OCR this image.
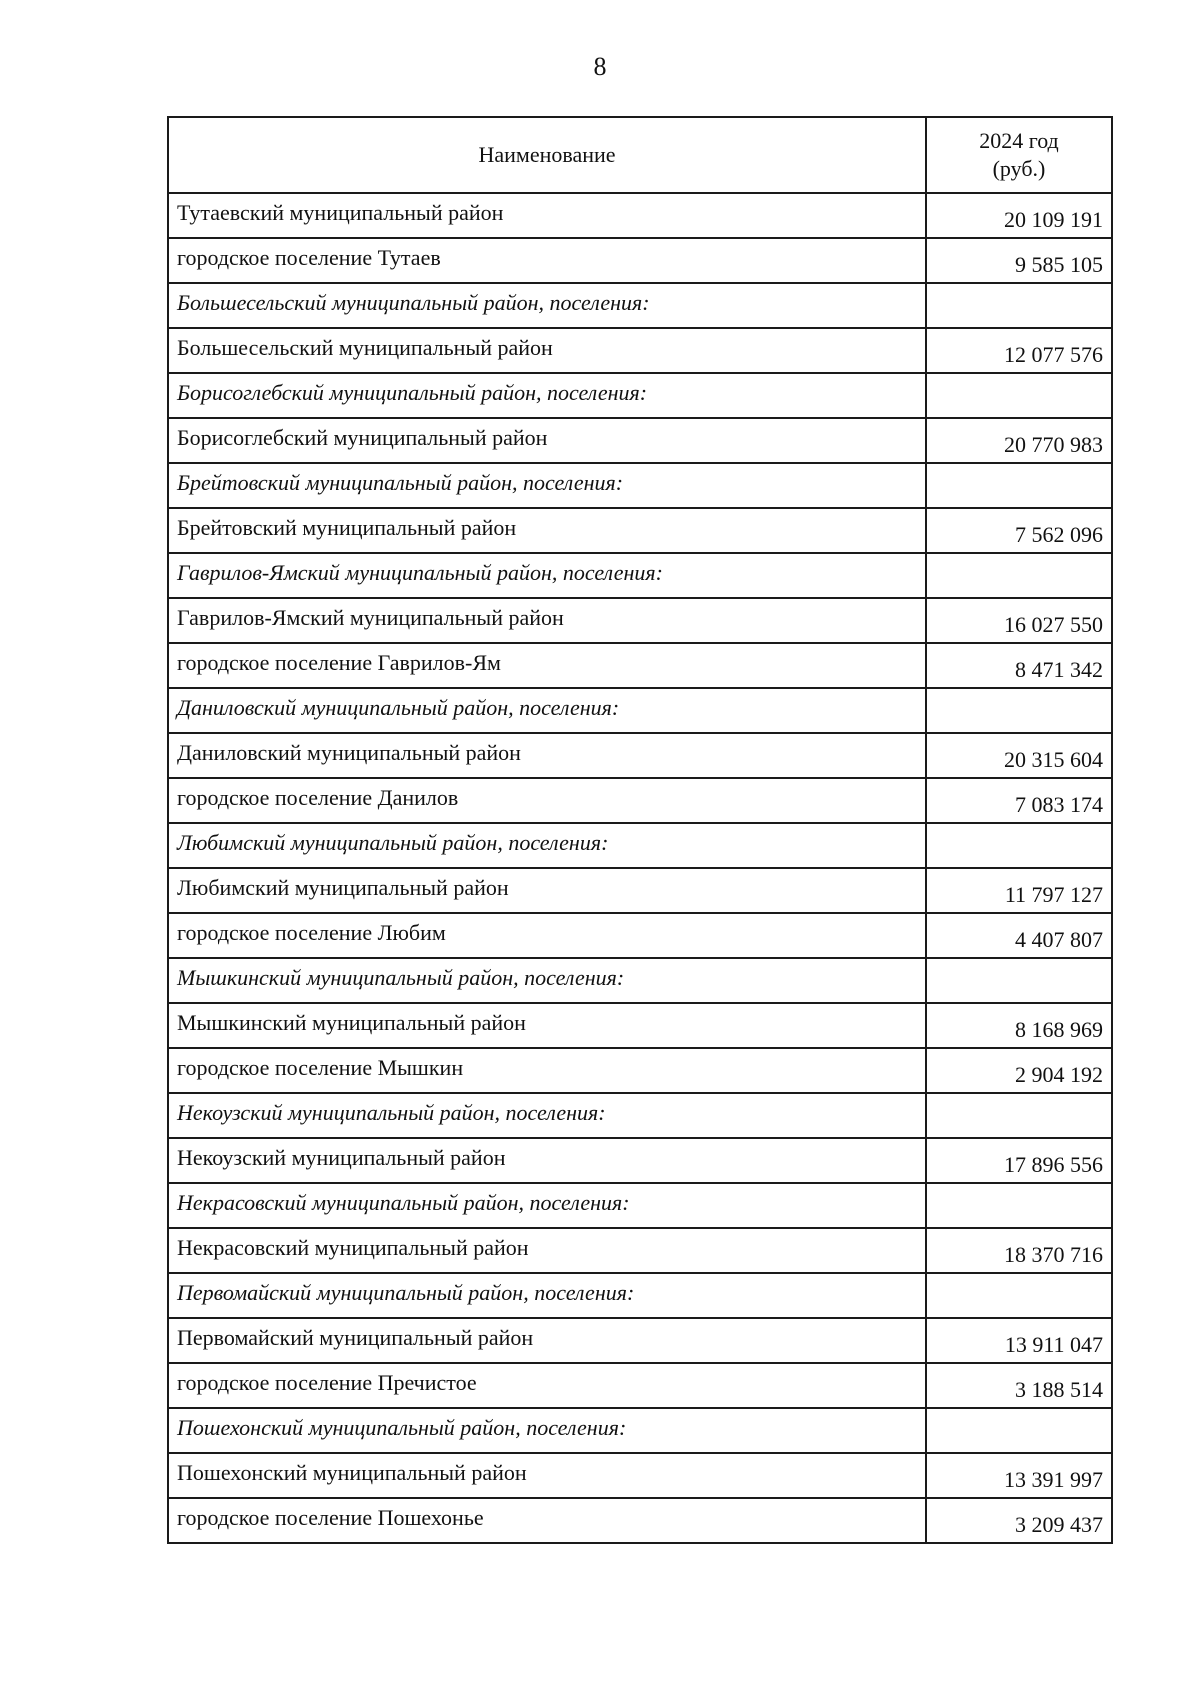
8
Наименование	2024 год
(руб.)

Тутаевский муниципальный район	20 109 191
городское поселение Тутаев	9 585 105
Большесельский муниципальный район, поселения:	
Большесельский муниципальный район	12 077 576
Борисоглебский муниципальный район, поселения:	
Борисоглебский муниципальный район	20 770 983
Брейтовский муниципальный район, поселения:	
Брейтовский муниципальный район	7 562 096
Гаврилов-Ямский муниципальный район, поселения:	
Гаврилов-Ямский муниципальный район	16 027 550
городское поселение Гаврилов-Ям	8 471 342
Даниловский муниципальный район, поселения:	
Даниловский муниципальный район	20 315 604
городское поселение Данилов	7 083 174
Любимский муниципальный район, поселения:	
Любимский муниципальный район	11 797 127
городское поселение Любим	4 407 807
Мышкинский муниципальный район, поселения:	
Мышкинский муниципальный район	8 168 969
городское поселение Мышкин	2 904 192
Некоузский муниципальный район, поселения:	
Некоузский муниципальный район	17 896 556
Некрасовский муниципальный район, поселения:	
Некрасовский муниципальный район	18 370 716
Первомайский муниципальный район, поселения:	
Первомайский муниципальный район	13 911 047
городское поселение Пречистое	3 188 514
Пошехонский муниципальный район, поселения:	
Пошехонский муниципальный район	13 391 997
городское поселение Пошехонье	3 209 437
